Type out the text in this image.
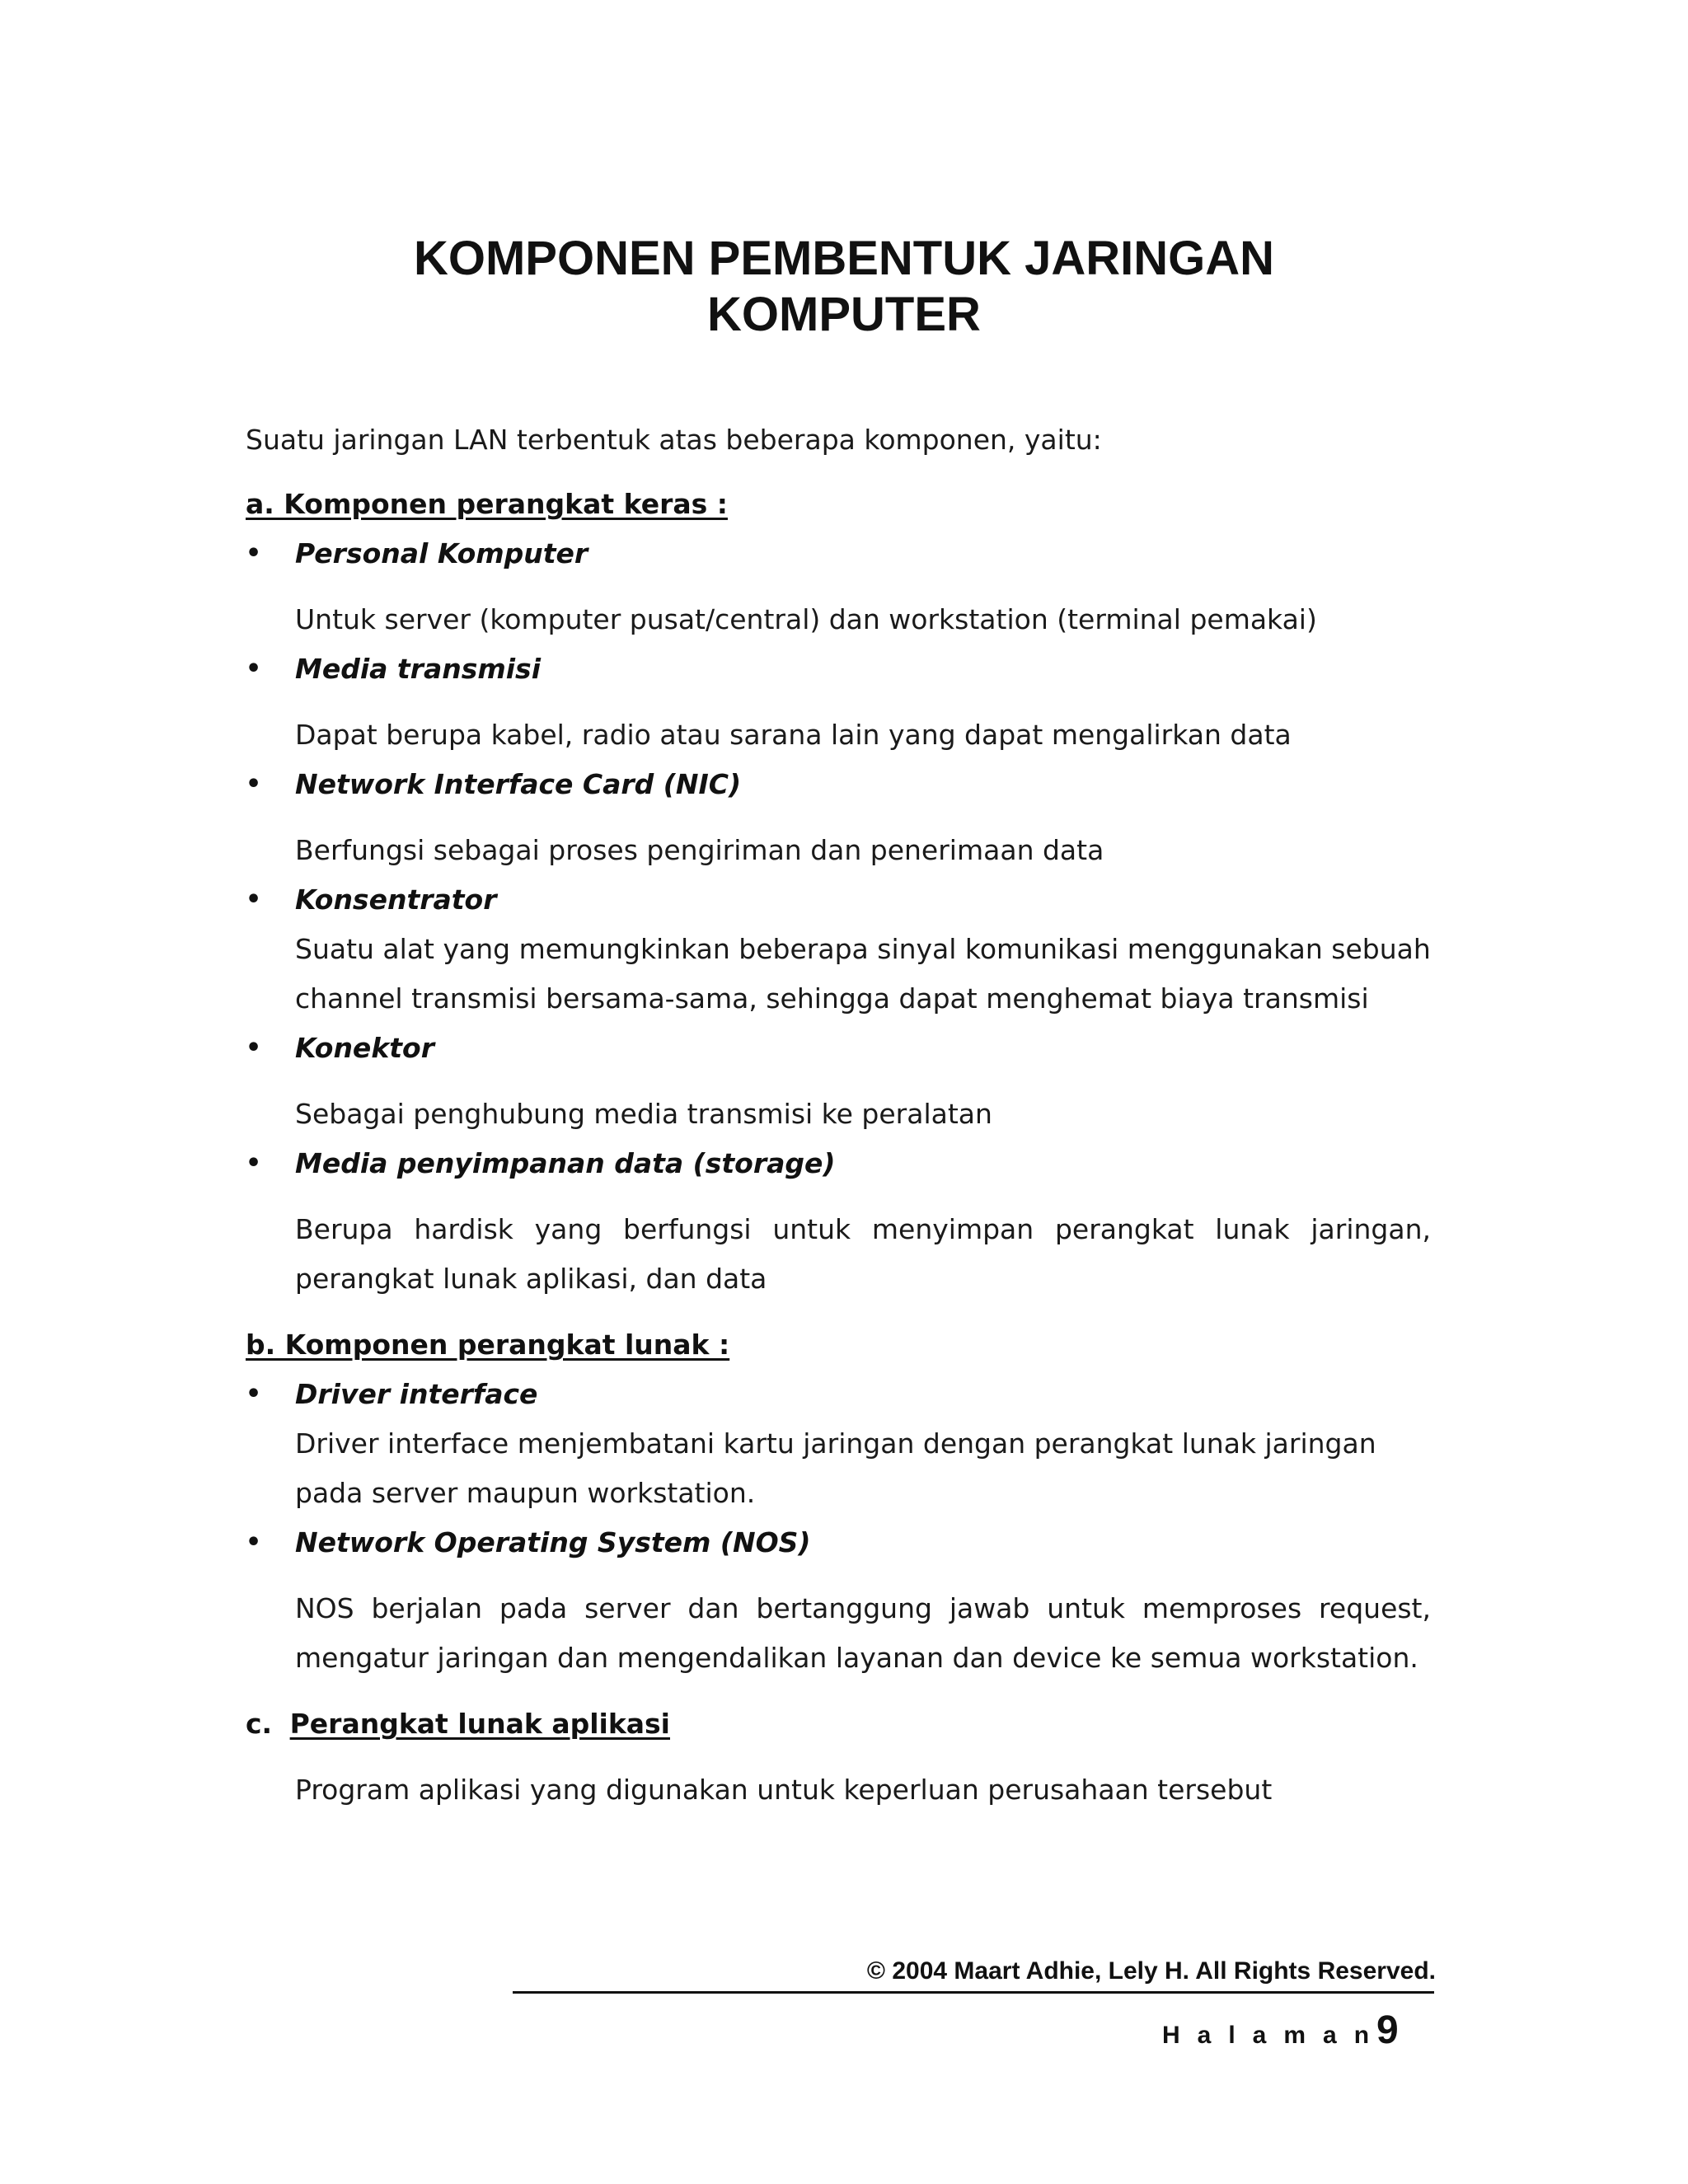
KOMPONEN PEMBENTUK JARINGAN
KOMPUTER
Suatu jaringan LAN terbentuk atas beberapa komponen, yaitu:
a. Komponen perangkat keras :
• Personal Komputer
Untuk server (komputer pusat/central) dan workstation (terminal pemakai)
• Media transmisi
Dapat berupa kabel, radio atau sarana lain yang dapat mengalirkan data
• Network Interface Card (NIC)
Berfungsi sebagai proses pengiriman dan penerimaan data
• Konsentrator
Suatu alat yang memungkinkan beberapa sinyal komunikasi menggunakan sebuah channel transmisi bersama-sama, sehingga dapat menghemat biaya transmisi
• Konektor
Sebagai penghubung media transmisi ke peralatan
• Media penyimpanan data (storage)
Berupa hardisk yang berfungsi untuk menyimpan perangkat lunak jaringan, perangkat lunak aplikasi, dan data
b. Komponen perangkat lunak :
• Driver interface
Driver interface menjembatani kartu jaringan dengan perangkat lunak jaringan pada server maupun workstation.
• Network Operating System (NOS)
NOS berjalan pada server dan bertanggung jawab untuk memproses request, mengatur jaringan dan mengendalikan layanan dan device ke semua workstation.
c. Perangkat lunak aplikasi
Program aplikasi yang digunakan untuk keperluan perusahaan tersebut
© 2004 Maart Adhie, Lely H. All Rights Reserved.
Halaman
9
